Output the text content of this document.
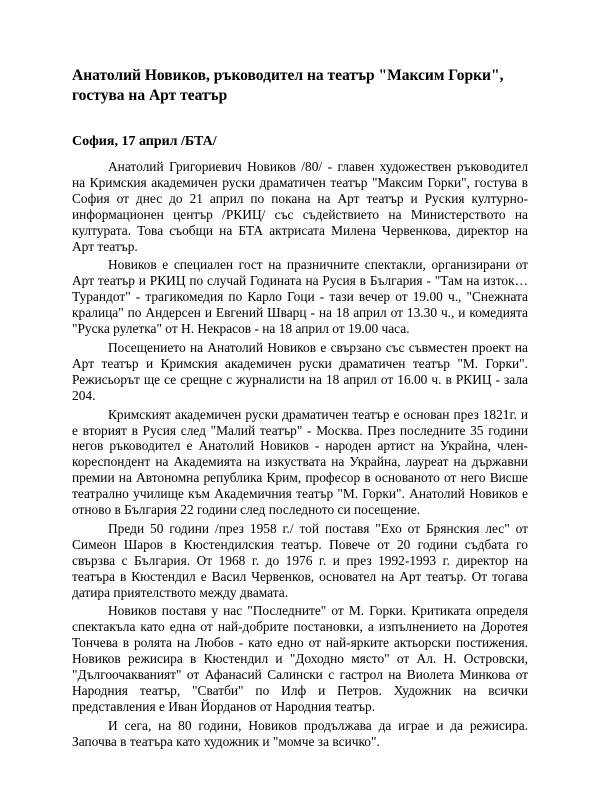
Анатолий Новиков, ръководител на театър "Максим Горки", гостува на Арт театър
София, 17 април /БТА/

Анатолий Григориевич Новиков /80/ - главен художествен ръководител на Кримския академичен руски драматичен театър "Максим Горки", гостува в София от днес до 21 април по покана на Арт театър и Руския културно-информационен център /РКИЦ/ със съдействието на Министерството на културата. Това съобщи на БТА актрисата Милена Червенкова, директор на Арт театър.

Новиков е специален гост на празничните спектакли, организирани от Арт театър и РКИЦ по случай Годината на Русия в България - "Там на изток… Турандот" - трагикомедия по Карло Гоци - тази вечер от 19.00 ч., "Снежната кралица" по Андерсен и Евгений Шварц - на 18 април от 13.30 ч., и комедията "Руска рулетка" от Н. Некрасов - на 18 април от 19.00 часа.

Посещението на Анатолий Новиков е свързано със съвместен проект на Арт театър и Кримския академичен руски драматичен театър "М. Горки". Режисьорът ще се срещне с журналисти на 18 април от 16.00 ч. в РКИЦ - зала 204.

Кримският академичен руски драматичен театър е основан през 1821г. и е вторият в Русия след "Малий театър" - Москва. През последните 35 години негов ръководител е Анатолий Новиков - народен артист на Украйна, член-кореспондент на Академията на изкуствата на Украйна, лауреат на държавни премии на Автономна република Крим, професор в основаното от него Висше театрално училище към Академичния театър "М. Горки". Анатолий Новиков е отново в България 22 години след последното си посещение.

Преди 50 години /през 1958 г./ той поставя "Ехо от Брянския лес" от Симеон Шаров в Кюстендилския театър. Повече от 20 години съдбата го свързва с България. От 1968 г. до 1976 г. и през 1992-1993 г. директор на театъра в Кюстендил е Васил Червенков, основател на Арт театър. От тогава датира приятелството между двамата.

Новиков поставя у нас "Последните" от М. Горки. Критиката определя спектакъла като една от най-добрите постановки, а изпълнението на Доротея Тончева в ролята на Любов - като едно от най-ярките актьорски постижения. Новиков режисира в Кюстендил и "Доходно място" от Ал. Н. Островски, "Дългоочакваният" от Афанасий Салински с гастрол на Виолета Минкова от Народния театър, "Сватби" по Илф и Петров. Художник на всички представления е Иван Йорданов от Народния театър.

И сега, на 80 години, Новиков продължава да играе и да режисира. Започва в театъра като художник и "момче за всичко".
